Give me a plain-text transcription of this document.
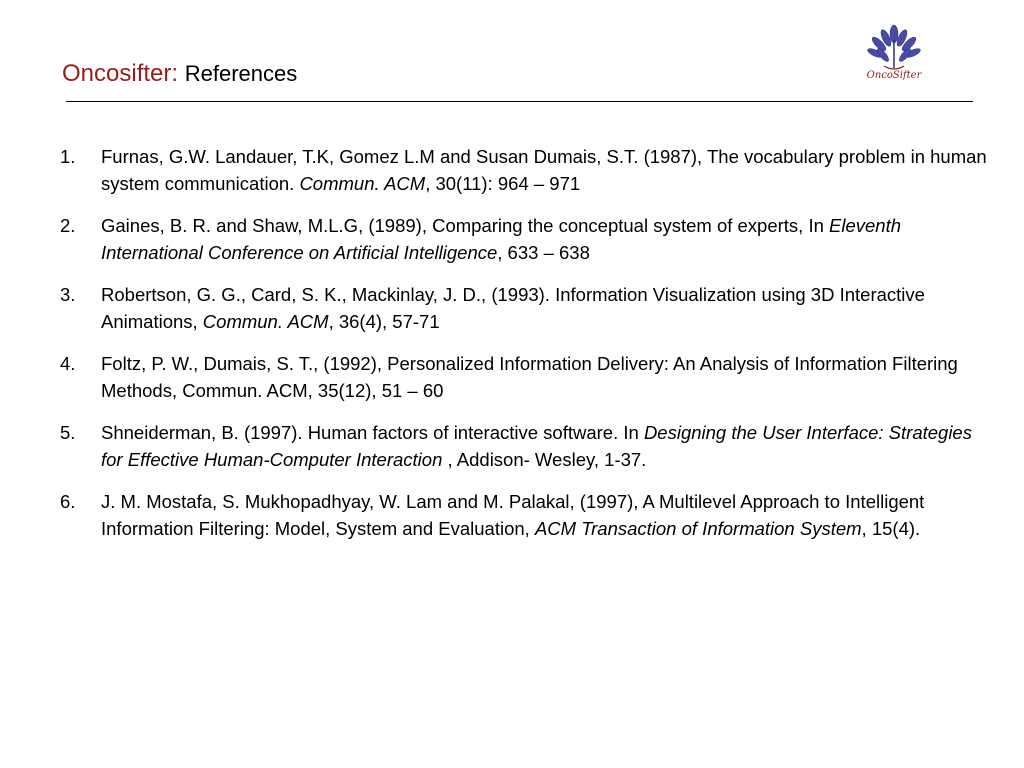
Oncosifter: References	OncoSifter
1. Furnas, G.W. Landauer, T.K, Gomez L.M and Susan Dumais, S.T. (1987), The vocabulary problem in human system communication. Commun. ACM, 30(11): 964 – 971
2. Gaines, B. R. and Shaw, M.L.G, (1989), Comparing the conceptual system of experts, In Eleventh International Conference on Artificial Intelligence, 633 – 638
3. Robertson, G. G., Card, S. K., Mackinlay, J. D., (1993). Information Visualization using 3D Interactive Animations, Commun. ACM, 36(4), 57-71
4. Foltz, P. W., Dumais, S. T., (1992), Personalized Information Delivery: An Analysis of Information Filtering Methods, Commun. ACM, 35(12), 51 – 60
5. Shneiderman, B. (1997). Human factors of interactive software. In Designing the User Interface: Strategies for Effective Human-Computer Interaction , Addison- Wesley, 1-37.
6. J. M. Mostafa, S. Mukhopadhyay, W. Lam and M. Palakal, (1997), A Multilevel Approach to Intelligent Information Filtering: Model, System and Evaluation, ACM Transaction of Information System, 15(4).
